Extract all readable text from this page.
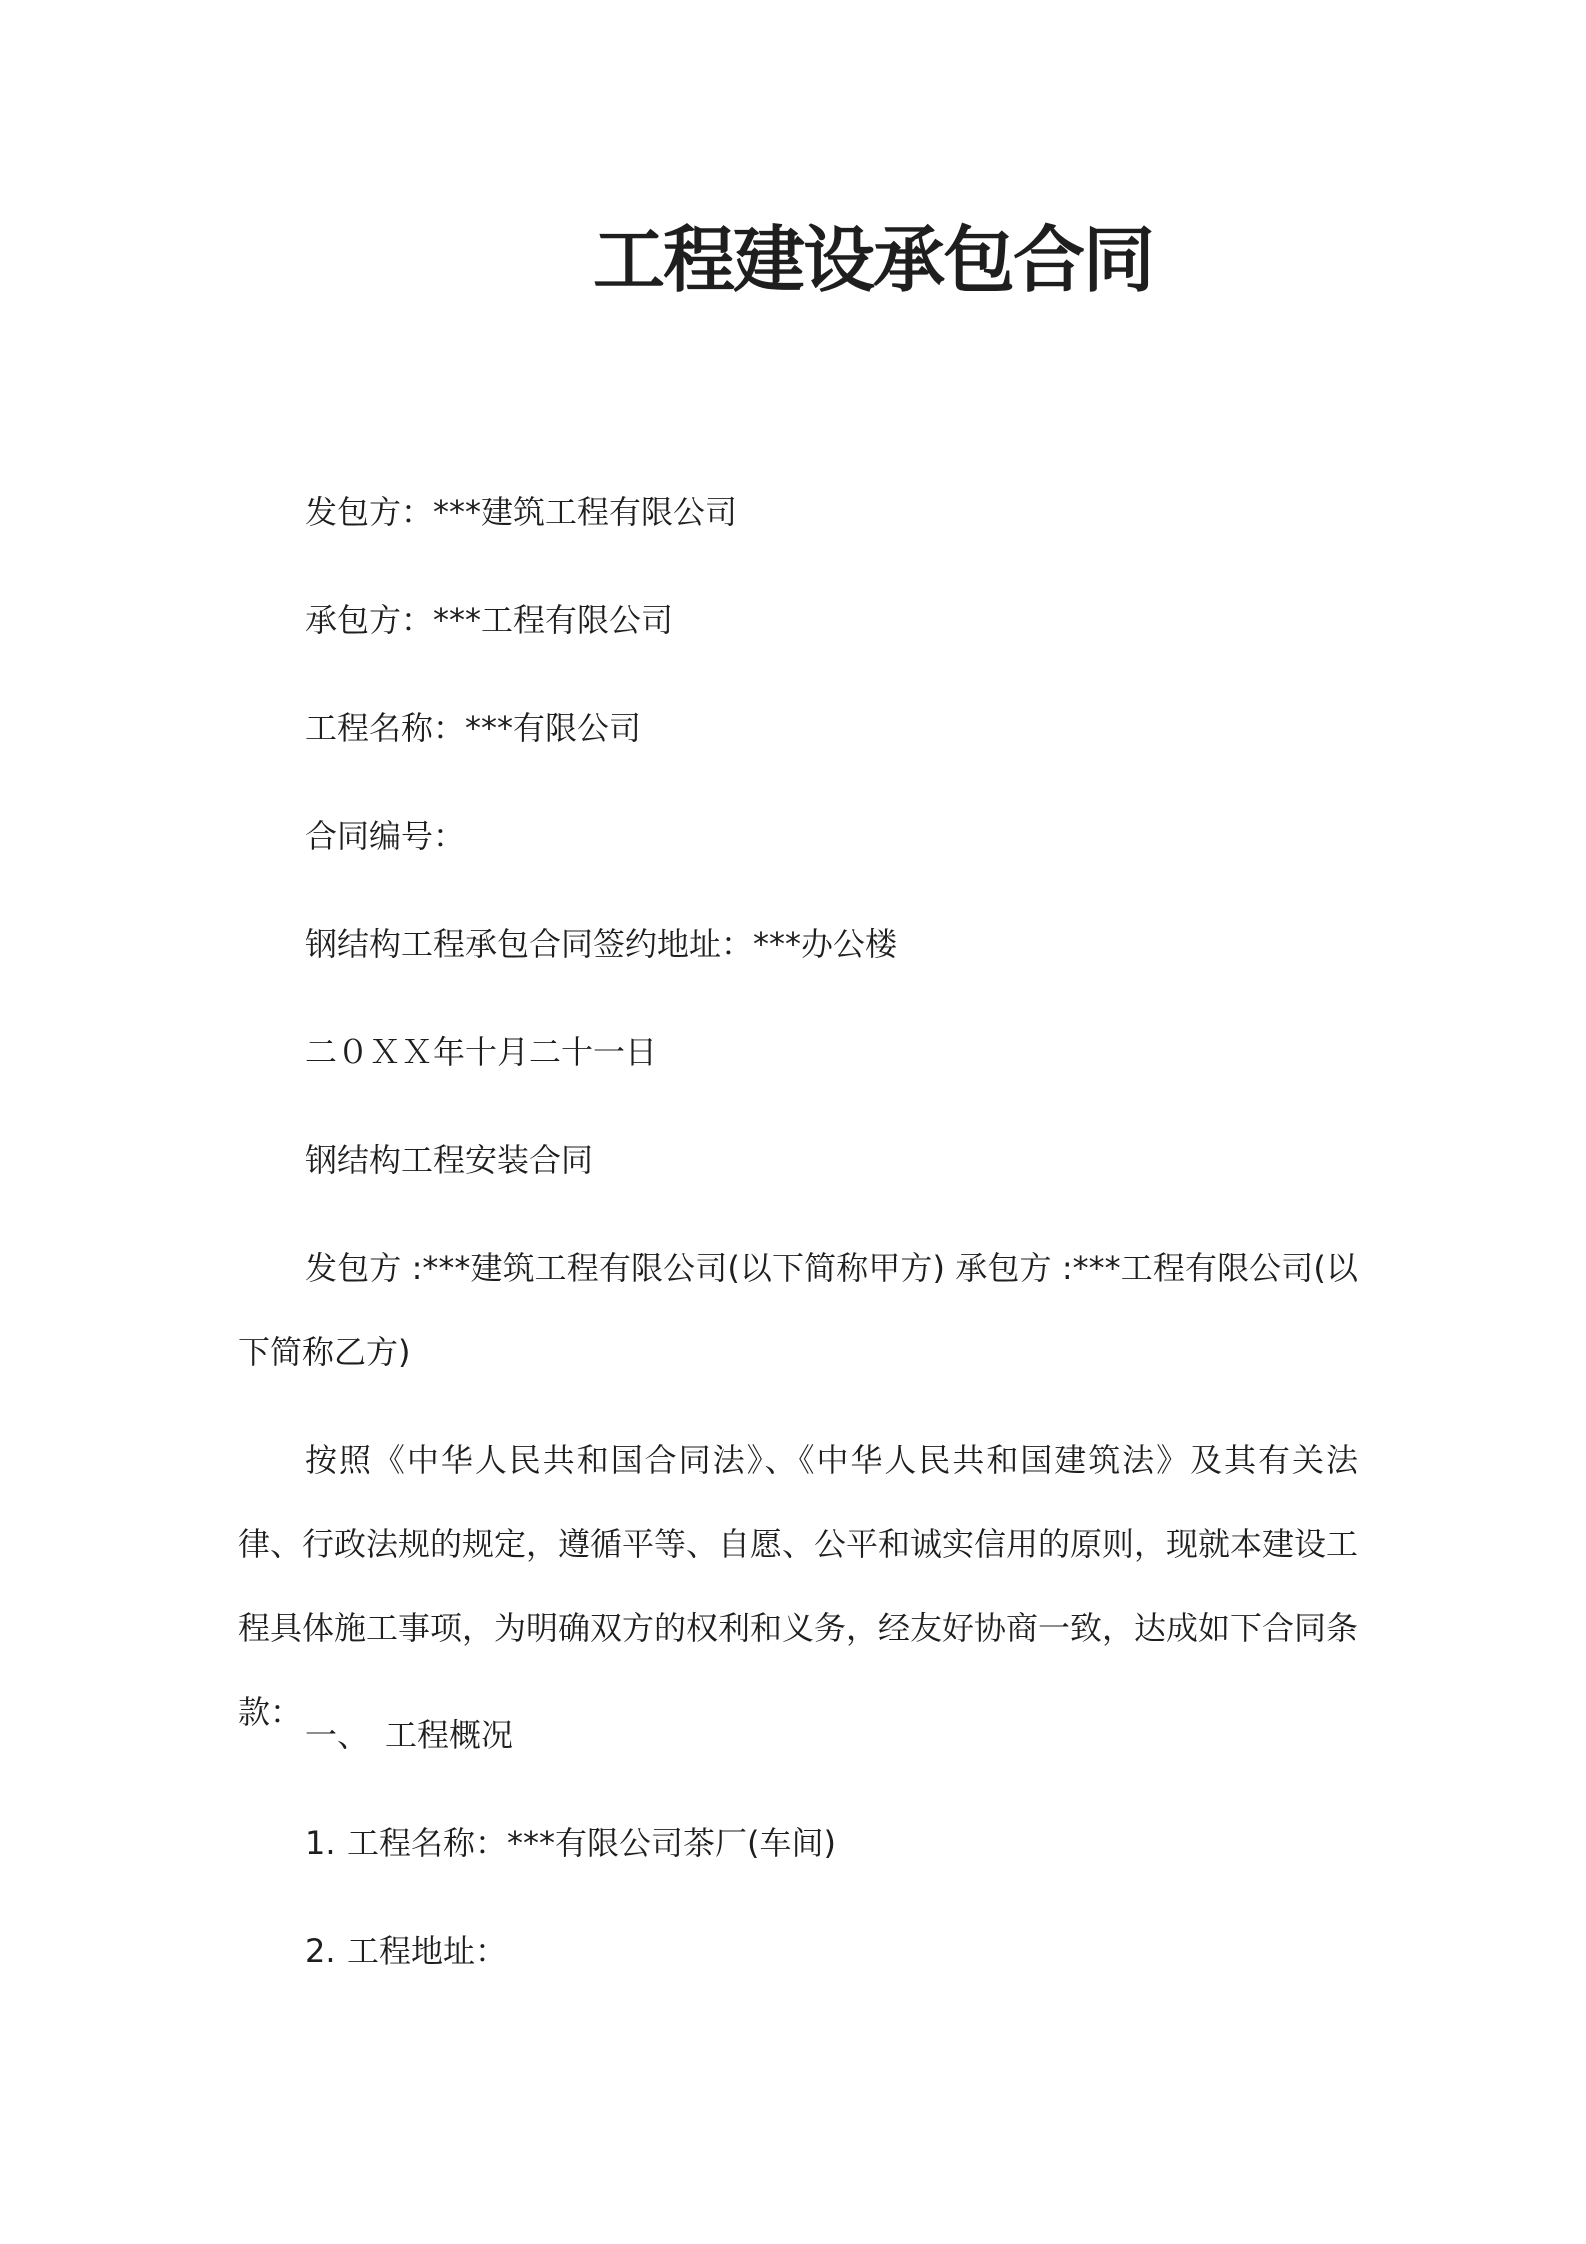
工程建设承包合同
发包方：***建筑工程有限公司
承包方：***工程有限公司
工程名称：***有限公司
合同编号：
钢结构工程承包合同签约地址：***办公楼
二０ＸＸ年十月二十一日
钢结构工程安装合同
发包方 :***建筑工程有限公司(以下简称甲方) 承包方 :***工程有限公司(以下简称乙方)
按照《中华人民共和国合同法》、《中华人民共和国建筑法》及其有关法律、行政法规的规定，遵循平等、自愿、公平和诚实信用的原则，现就本建设工程具体施工事项，为明确双方的权利和义务，经友好协商一致，达成如下合同条款：
一、 工程概况
1. 工程名称：***有限公司茶厂(车间)
2. 工程地址：
